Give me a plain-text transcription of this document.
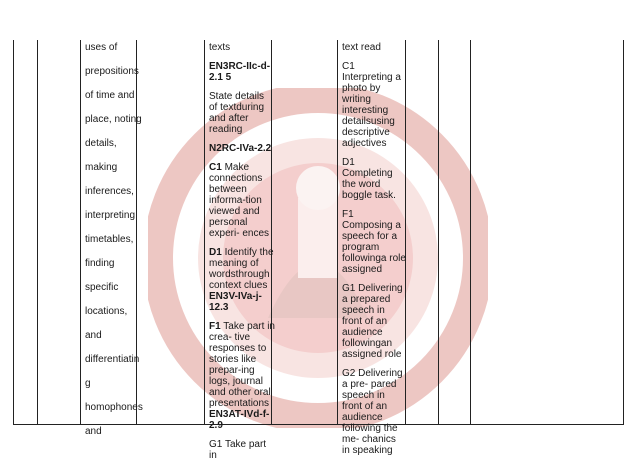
uses of

prepositions

of time and

place, noting

details,

making

inferences,

interpreting

timetables,

finding

specific

locations,

and

differentiatin

g

homophones

and

texts
EN3RC-IIc-d-2.1 5
State details of textduring and after reading
N2RC-IVa-2.2
C1 Make connections between informa-tion viewed and personal experi- ences
D1 Identify the meaning of wordsthrough context clues
EN3V-IVa-j-12.3
F1 Take part in crea- tive responses to stories like prepar-ing logs, journal and other oral presentations
EN3AT-IVd-f-2.9
G1 Take part in
text read
C1 Interpreting a photo by writing interesting detailsusing descriptive adjectives
D1 Completing the word boggle task.
F1 Composing a speech for a program followinga role assigned
G1 Delivering a prepared speech in front of an audience followingan assigned role
G2 Delivering a pre- pared speech in front of an audience following the me- chanics in speaking
